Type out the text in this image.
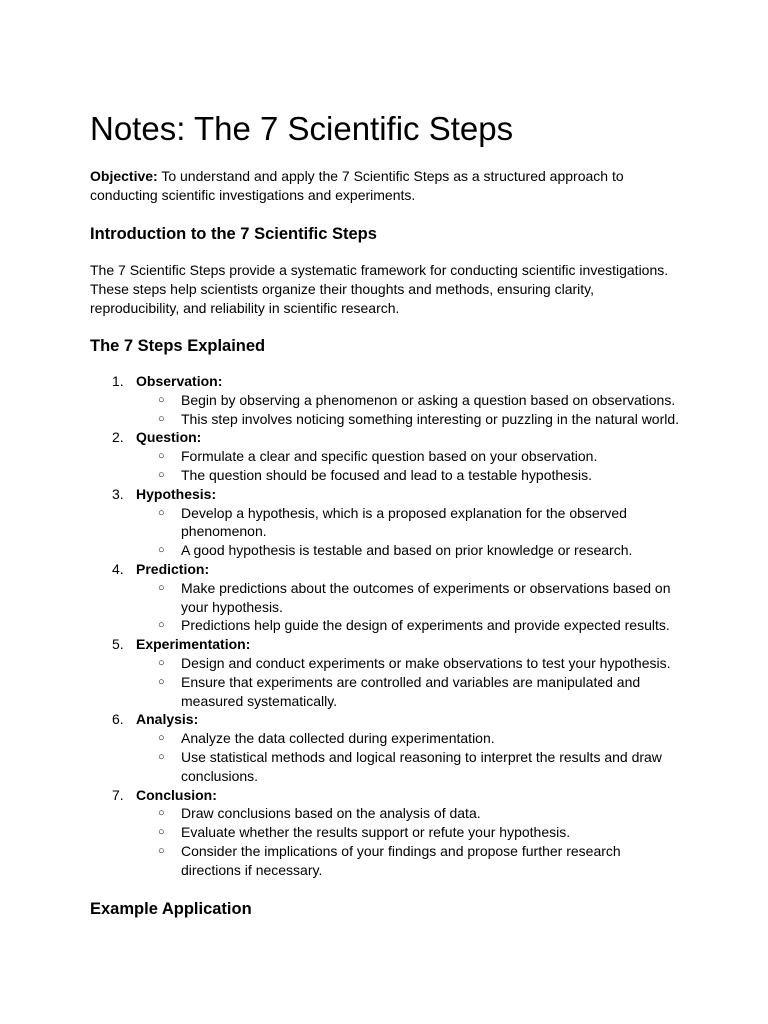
Notes: The 7 Scientific Steps

Objective: To understand and apply the 7 Scientific Steps as a structured approach to conducting scientific investigations and experiments.

Introduction to the 7 Scientific Steps

The 7 Scientific Steps provide a systematic framework for conducting scientific investigations. These steps help scientists organize their thoughts and methods, ensuring clarity, reproducibility, and reliability in scientific research.

The 7 Steps Explained
1. Observation:
○ Begin by observing a phenomenon or asking a question based on observations.
○ This step involves noticing something interesting or puzzling in the natural world.
2. Question:
○ Formulate a clear and specific question based on your observation.
○ The question should be focused and lead to a testable hypothesis.
3. Hypothesis:
○ Develop a hypothesis, which is a proposed explanation for the observed phenomenon.
○ A good hypothesis is testable and based on prior knowledge or research.
4. Prediction:
○ Make predictions about the outcomes of experiments or observations based on your hypothesis.
○ Predictions help guide the design of experiments and provide expected results.
5. Experimentation:
○ Design and conduct experiments or make observations to test your hypothesis.
○ Ensure that experiments are controlled and variables are manipulated and measured systematically.
6. Analysis:
○ Analyze the data collected during experimentation.
○ Use statistical methods and logical reasoning to interpret the results and draw conclusions.
7. Conclusion:
○ Draw conclusions based on the analysis of data.
○ Evaluate whether the results support or refute your hypothesis.
○ Consider the implications of your findings and propose further research directions if necessary.
Example Application
